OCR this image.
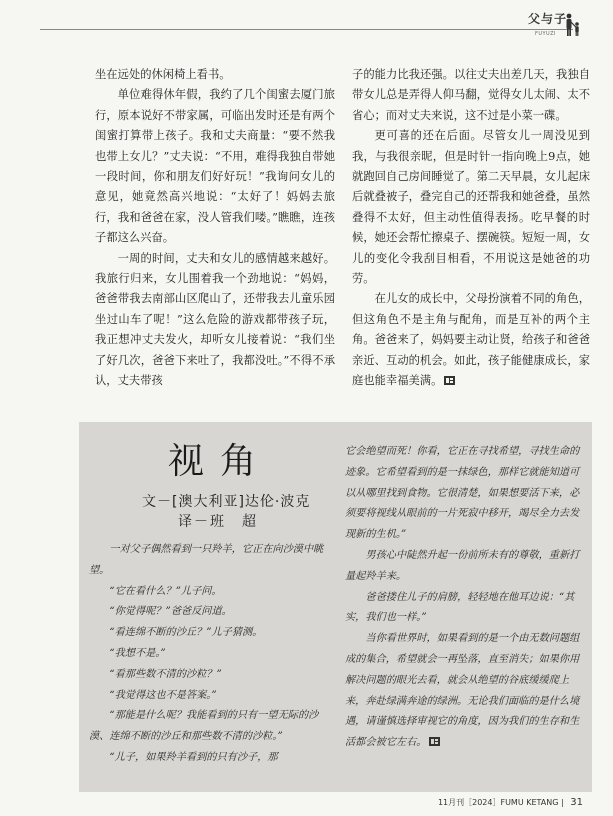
父与子
FUYUZI

坐在远处的休闲椅上看书。

单位难得休年假，我约了几个闺蜜去厦门旅行，原本说好不带家属，可临出发时还是有两个闺蜜打算带上孩子。我和丈夫商量：“要不然我也带上女儿？”丈夫说：“不用，难得我独自带她一段时间，你和朋友们好好玩！”我询问女儿的意见，她竟然高兴地说：“太好了！妈妈去旅行，我和爸爸在家，没人管我们喽。”瞧瞧，连孩子都这么兴奋。

一周的时间，丈夫和女儿的感情越来越好。我旅行归来，女儿围着我一个劲地说：“妈妈，爸爸带我去南部山区爬山了，还带我去儿童乐园坐过山车了呢！”这么危险的游戏都带孩子玩，我正想冲丈夫发火，却听女儿接着说：“我们坐了好几次，爸爸下来吐了，我都没吐。”不得不承认，丈夫带孩

子的能力比我还强。以往丈夫出差几天，我独自带女儿总是弄得人仰马翻，觉得女儿太闹、太不省心；而对丈夫来说，这不过是小菜一碟。

更可喜的还在后面。尽管女儿一周没见到我，与我很亲昵，但是时针一指向晚上9点，她就跑回自己房间睡觉了。第二天早晨，女儿起床后就叠被子，叠完自己的还帮我和她爸叠，虽然叠得不太好，但主动性值得表扬。吃早餐的时候，她还会帮忙擦桌子、摆碗筷。短短一周，女儿的变化令我刮目相看，不用说这是她爸的功劳。

在儿女的成长中，父母扮演着不同的角色，但这角色不是主角与配角，而是互补的两个主角。爸爸来了，妈妈要主动让贤，给孩子和爸爸亲近、互动的机会。如此，孩子能健康成长，家庭也能幸福美满。

视角
文－[澳大利亚]达伦·波克
译－班　超

一对父子偶然看到一只羚羊，它正在向沙漠中眺望。

“它在看什么？”儿子问。

“你觉得呢？”爸爸反问道。

“看连绵不断的沙丘？”儿子猜测。

“我想不是。”

“看那些数不清的沙粒？”

“我觉得这也不是答案。”

“那能是什么呢？我能看到的只有一望无际的沙漠、连绵不断的沙丘和那些数不清的沙粒。”

“儿子，如果羚羊看到的只有沙子，那

它会绝望而死！你看，它正在寻找希望，寻找生命的迹象。它希望看到的是一抹绿色，那样它就能知道可以从哪里找到食物。它很清楚，如果想要活下来，必须要将视线从眼前的一片死寂中移开，竭尽全力去发现新的生机。”

男孩心中陡然升起一份前所未有的尊敬，重新打量起羚羊来。

爸爸搂住儿子的肩膀，轻轻地在他耳边说：“其实，我们也一样。”

当你看世界时，如果看到的是一个由无数问题组成的集合，希望就会一再坠落，直至消失；如果你用解决问题的眼光去看，就会从绝望的谷底缓缓爬上来，奔赴绿满奔途的绿洲。无论我们面临的是什么境遇，请谨慎选择审视它的角度，因为我们的生存和生活都会被它左右。

11月刊［2024］FUMU KETANG | 31
